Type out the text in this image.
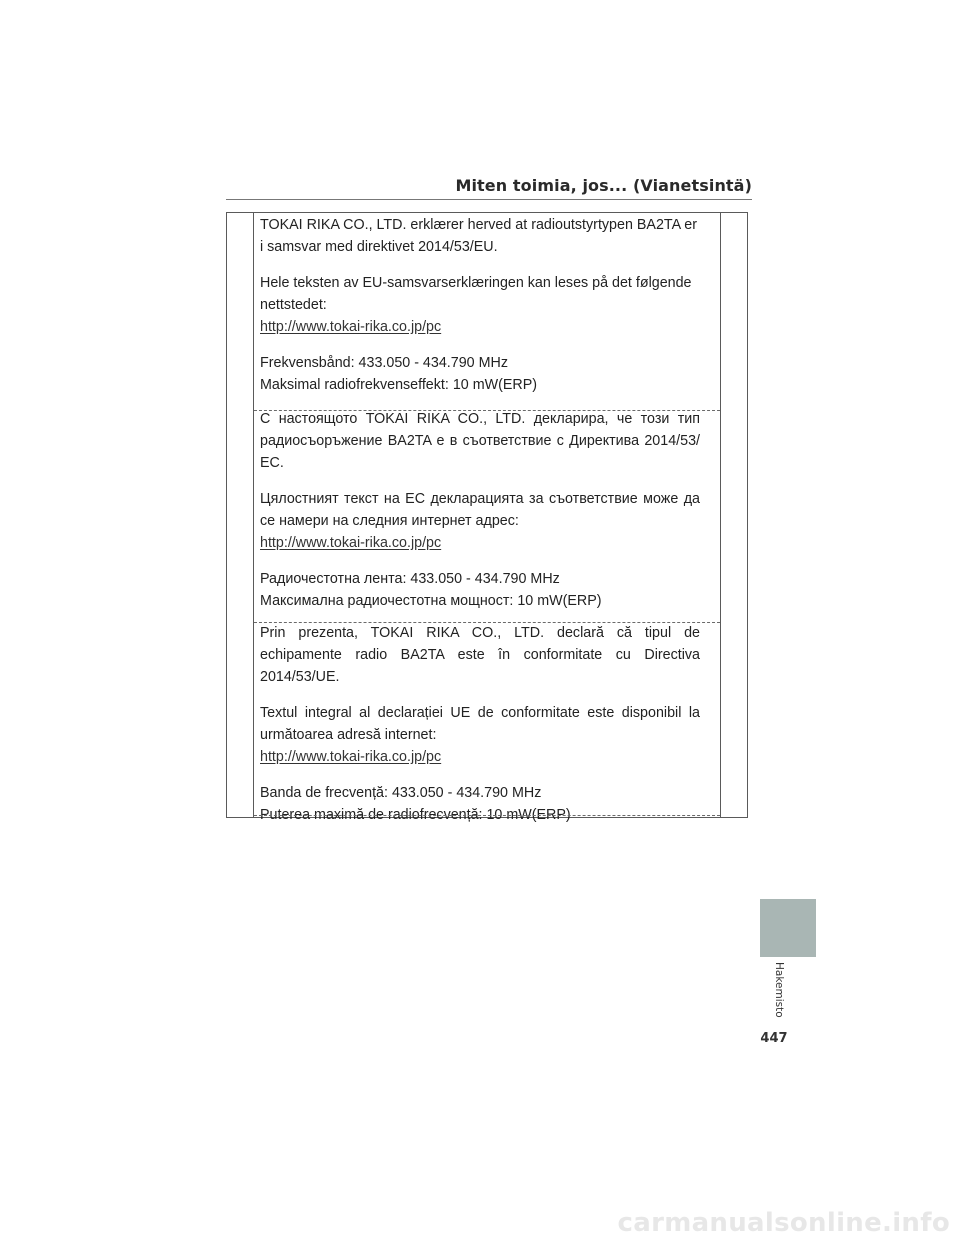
Miten toimia, jos... (Vianetsintä)

TOKAI RIKA CO., LTD. erklærer herved at radioutstyrtypen BA2TA er i samsvar med direktivet 2014/53/EU.

Hele teksten av EU-samsvarserklæringen kan leses på det følgende nettstedet:

http://www.tokai-rika.co.jp/pc

Frekvensbånd: 433.050 - 434.790 MHz

Maksimal radiofrekvenseffekt: 10 mW(ERP)

С настоящото TOKAI RIKA CO., LTD. декларира, че този тип радиосъоръжение BA2TA е в съответствие с Директива 2014/53/ЕС.

Цялостният текст на ЕС декларацията за съответствие може да се намери на следния интернет адрес:

http://www.tokai-rika.co.jp/pc

Радиочестотна лента: 433.050 - 434.790 MHz

Максимална радиочестотна мощност: 10 mW(ERP)

Prin prezenta, TOKAI RIKA CO., LTD. declară că tipul de echipamente radio BA2TA este în conformitate cu Directiva 2014/53/UE.

Textul integral al declarației UE de conformitate este disponibil la următoarea adresă internet:

http://www.tokai-rika.co.jp/pc

Banda de frecvență: 433.050 - 434.790 MHz

Puterea maximă de radiofrecvență: 10 mW(ERP)

Hakemisto
447
carmanualsonline.info
